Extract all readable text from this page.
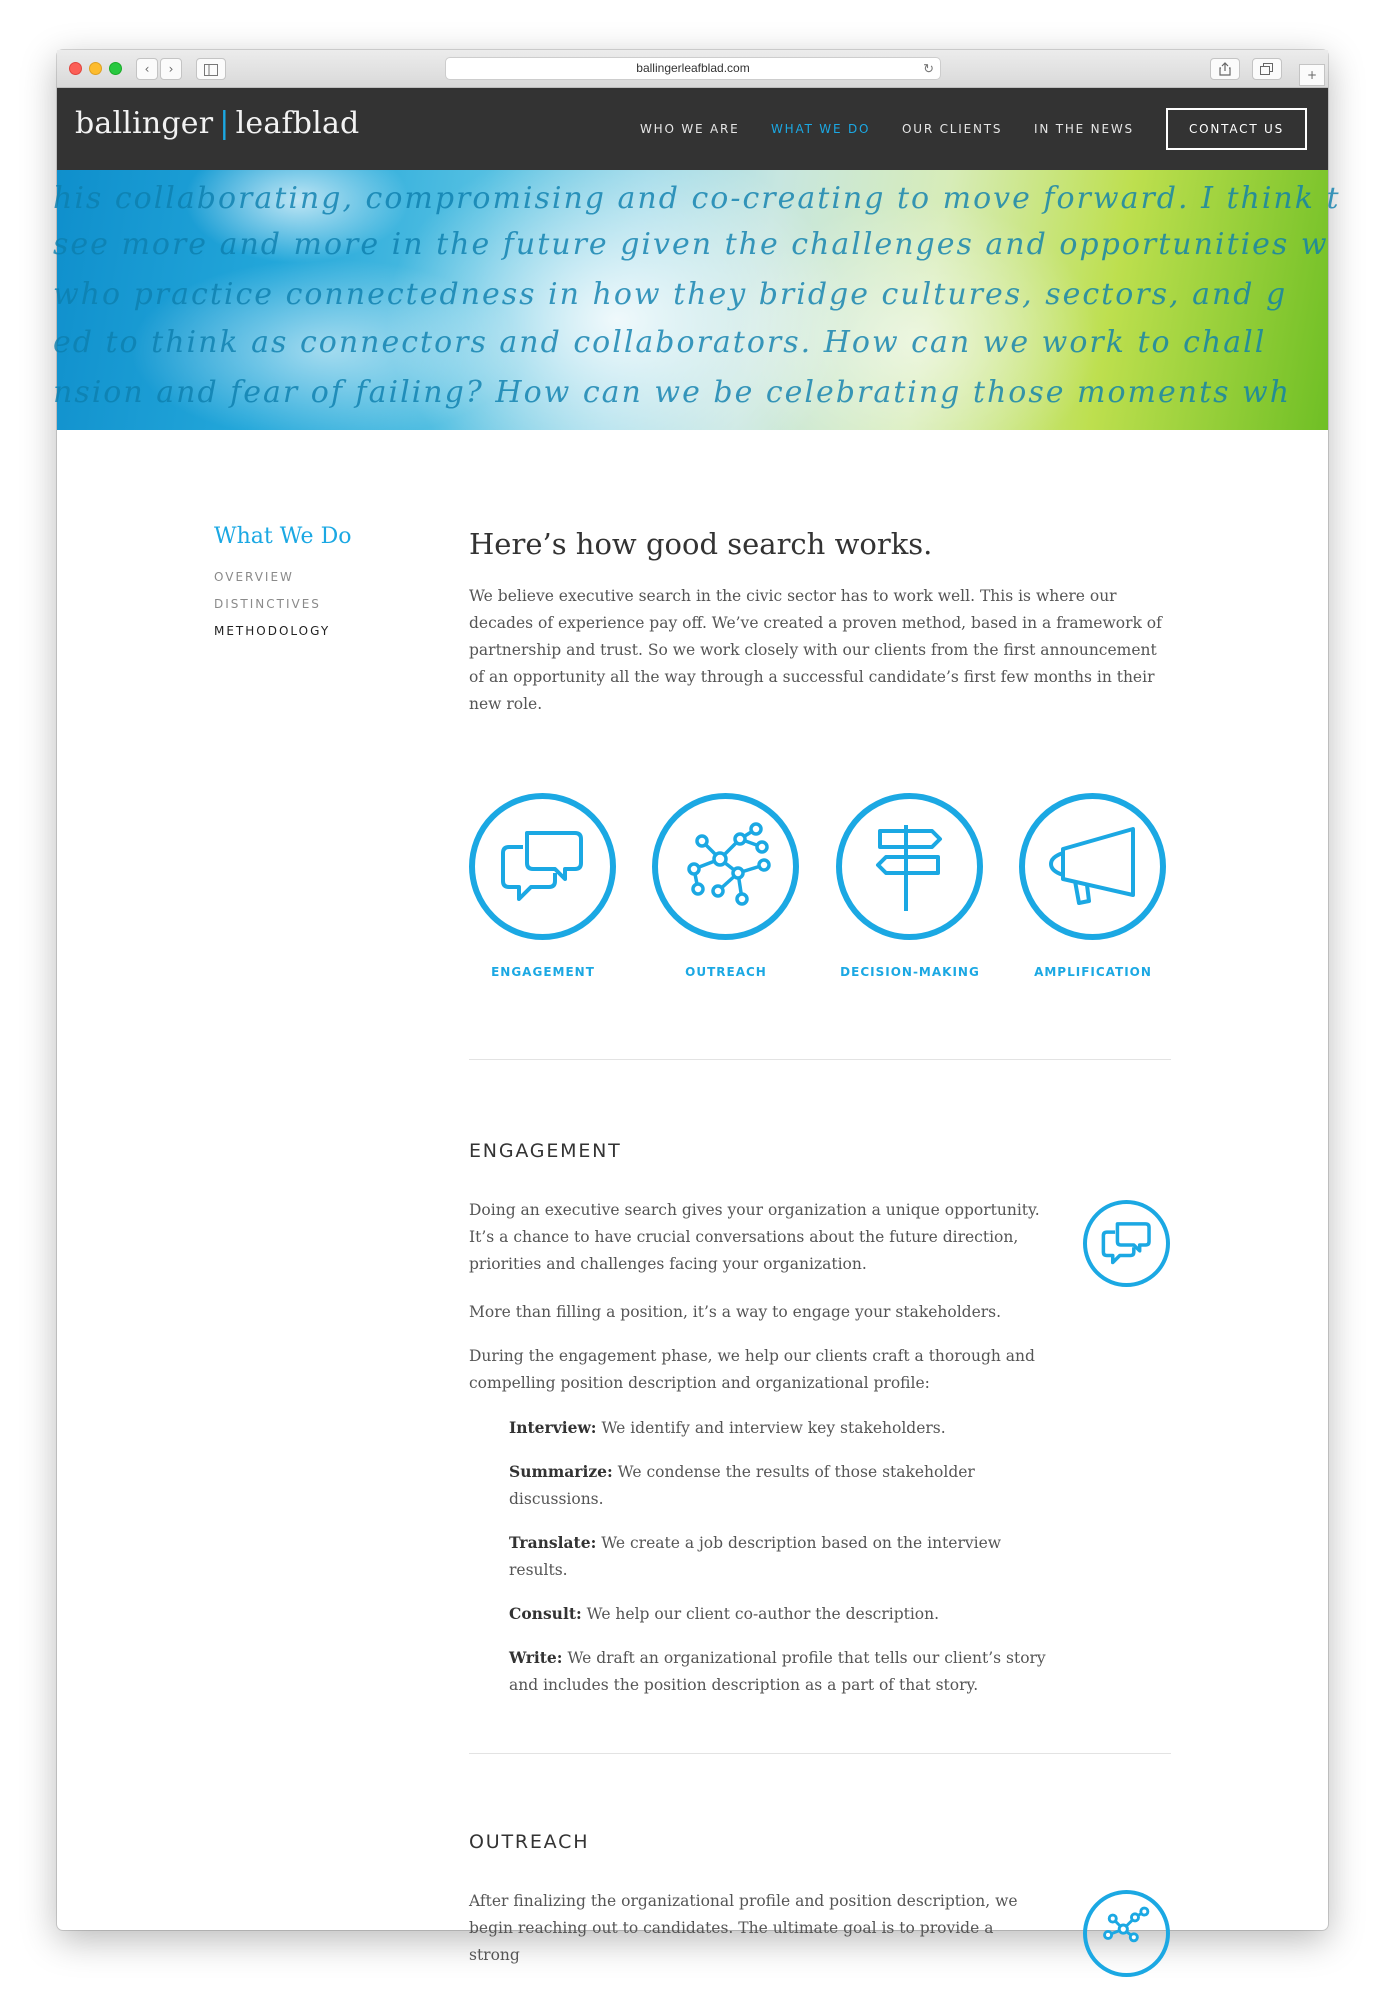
‹	›	ballingerleafblad.com	↻	+
ballinger | leafblad	WHO WE ARE	WHAT WE DO	OUR CLIENTS	IN THE NEWS	CONTACT US
his collaborating, compromising and co-creating to move forward. I think t
see more and more in the future given the challenges and opportunities w
who practice connectedness in how they bridge cultures, sectors, and g
ed to think as connectors and collaborators. How can we work to chall
nsion and fear of failing? How can we be celebrating those moments wh
What We Do
OVERVIEW
DISTINCTIVES
METHODOLOGY
Here’s how good search works.
We believe executive search in the civic sector has to work well. This is where our decades of experience pay off. We’ve created a proven method, based in a framework of partnership and trust. So we work closely with our clients from the first announcement of an opportunity all the way through a successful candidate’s first few months in their new role.
ENGAGEMENT	OUTREACH	DECISION-MAKING	AMPLIFICATION
ENGAGEMENT
Doing an executive search gives your organization a unique opportunity. It’s a chance to have crucial conversations about the future direction, priorities and challenges facing your organization.
More than filling a position, it’s a way to engage your stakeholders.
During the engagement phase, we help our clients craft a thorough and compelling position description and organizational profile:
Interview: We identify and interview key stakeholders.
Summarize: We condense the results of those stakeholder discussions.
Translate: We create a job description based on the interview results.
Consult: We help our client co-author the description.
Write: We draft an organizational profile that tells our client’s story and includes the position description as a part of that story.
OUTREACH
After finalizing the organizational profile and position description, we begin reaching out to candidates. The ultimate goal is to provide a strong
